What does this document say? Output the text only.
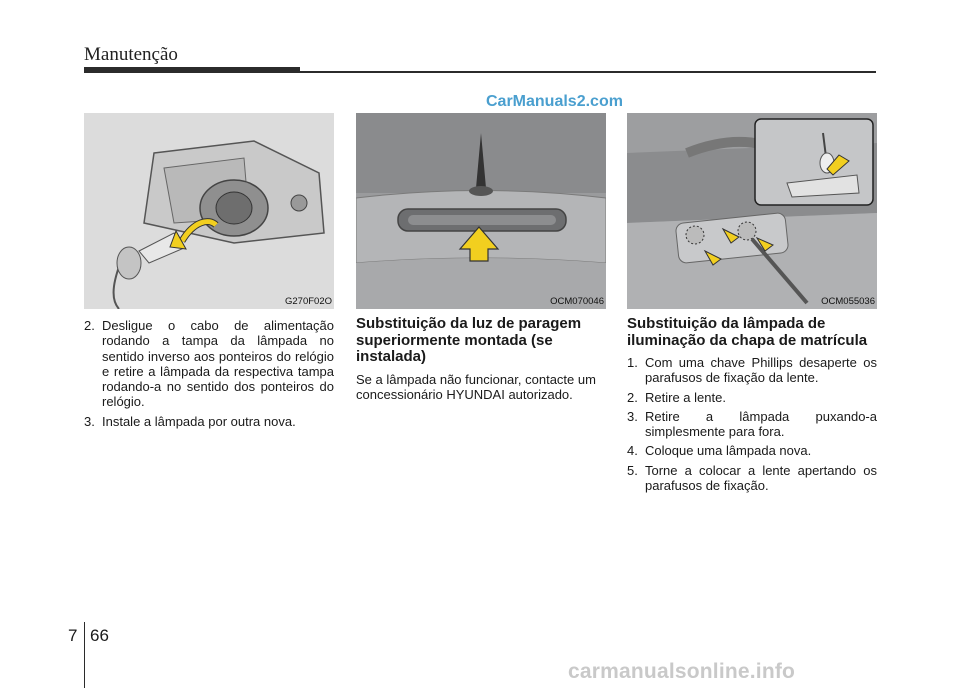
Manutenção
CarManuals2.com
G270F02O	OCM070046	OCM055036
2. Desligue o cabo de alimentação rodando a tampa da lâmpada no sentido inverso aos ponteiros do relógio e retire a lâmpada da respectiva tampa rodando-a no sentido dos ponteiros do relógio.
3. Instale a lâmpada por outra nova.
Substituição da luz de paragem superiormente montada (se instalada)
Se a lâmpada não funcionar, contacte um concessionário HYUNDAI autorizado.
Substituição da lâmpada de iluminação da chapa de matrícula
1. Com uma chave Phillips desaperte os parafusos de fixação da lente.
2. Retire a lente.
3. Retire a lâmpada puxando-a simplesmente para fora.
4. Coloque uma lâmpada nova.
5. Torne a colocar a lente apertando os parafusos de fixação.
7 66
carmanualsonline.info
